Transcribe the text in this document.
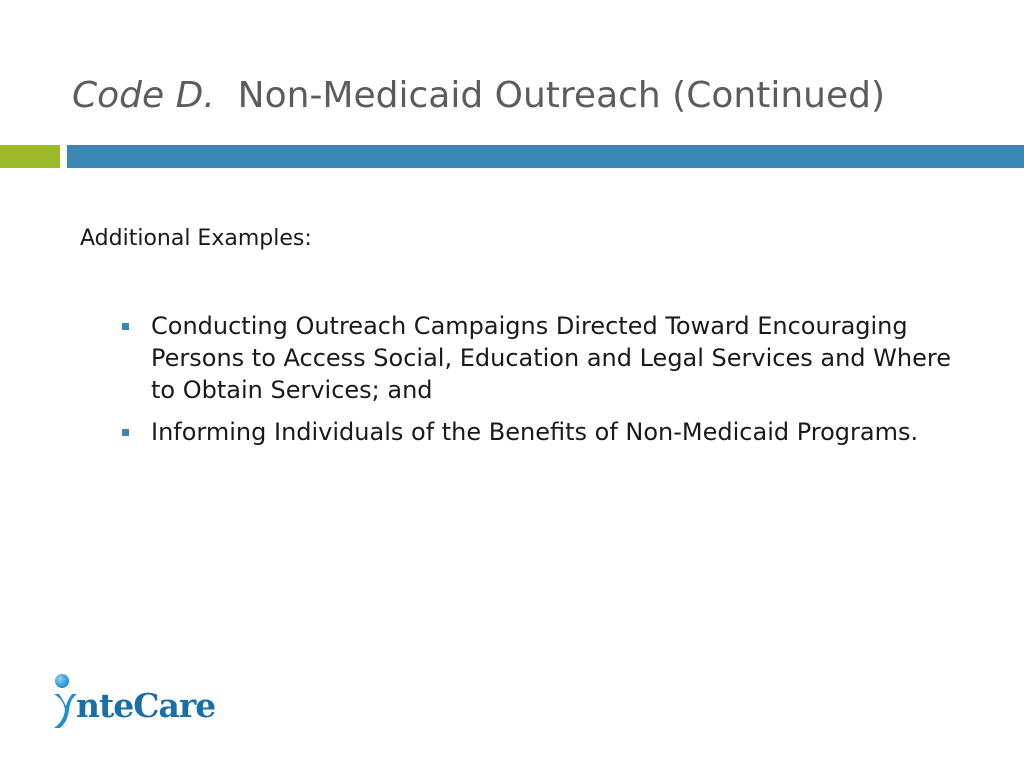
Code D. Non-Medicaid Outreach (Continued)
Additional Examples:
Conducting Outreach Campaigns Directed Toward Encouraging Persons to Access Social, Education and Legal Services and Where to Obtain Services; and
Informing Individuals of the Benefits of Non-Medicaid Programs.
nteCare
